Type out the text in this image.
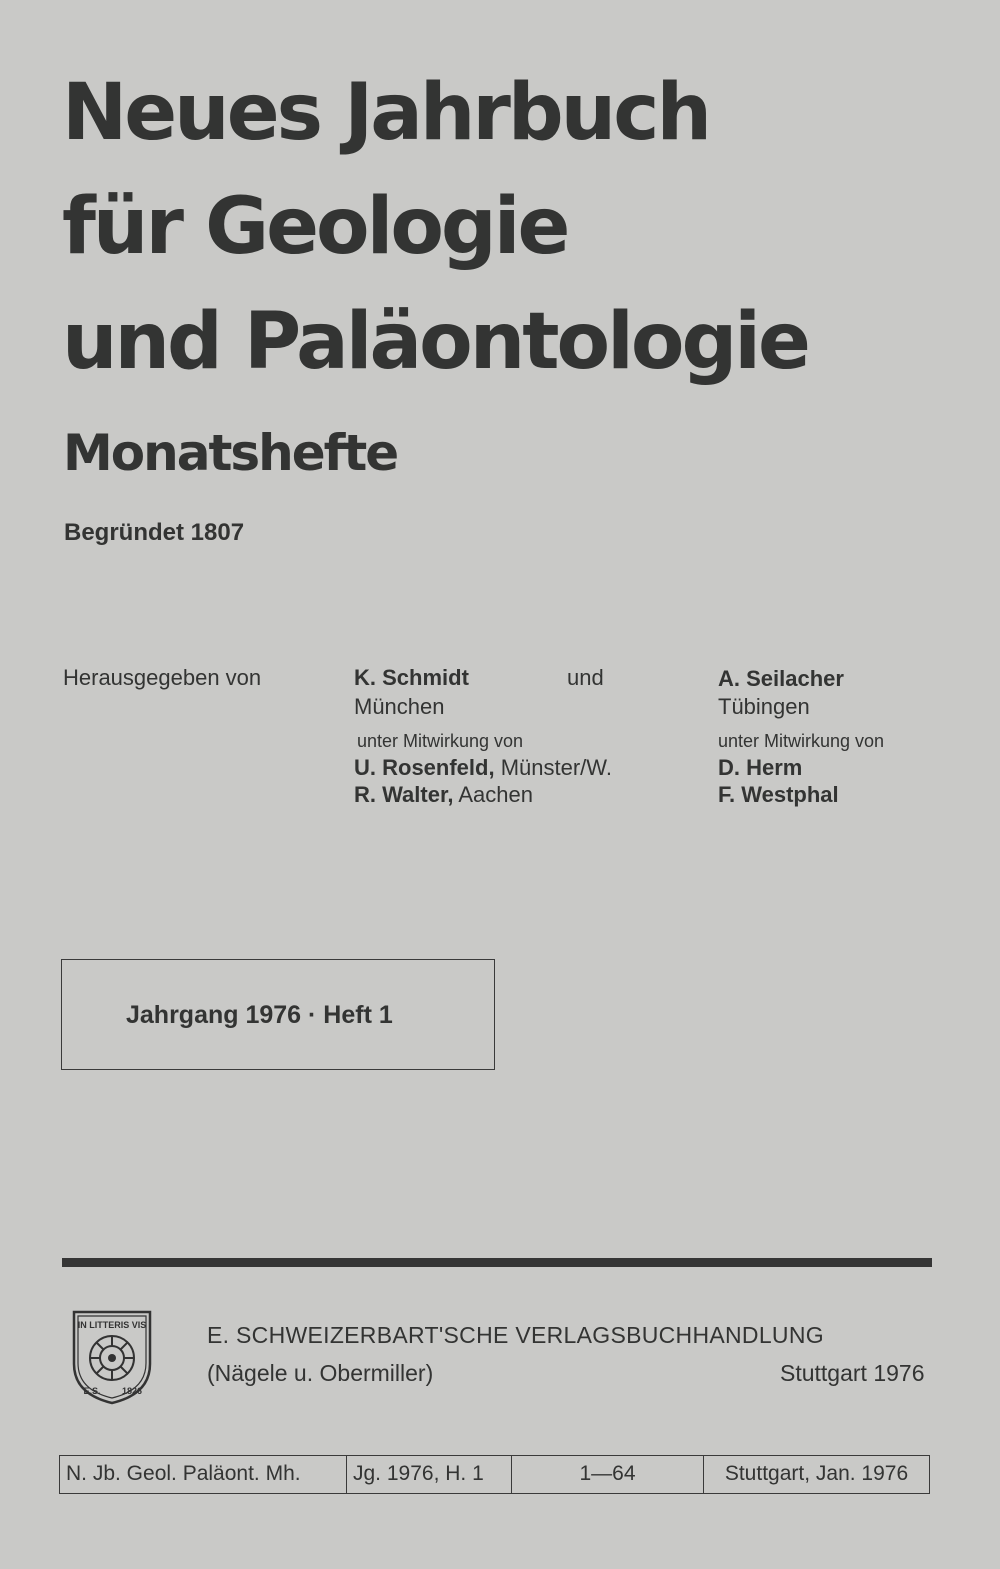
Neues Jahrbuch
für Geologie
und Paläontologie
Monatshefte
Begründet 1807
Herausgegeben von	K. Schmidt	und	A. Seilacher
München	Tübingen
unter Mitwirkung von	unter Mitwirkung von
U. Rosenfeld, Münster/W.
R. Walter, Aachen
D. Herm
F. Westphal
Jahrgang 1976 · Heft 1
IN LITTERIS VIS
E.S. 1826
E. SCHWEIZERBART'SCHE VERLAGSBUCHHANDLUNG
(Nägele u. Obermiller)	Stuttgart 1976
N. Jb. Geol. Paläont. Mh.	Jg. 1976, H. 1	1—64	Stuttgart, Jan. 1976
